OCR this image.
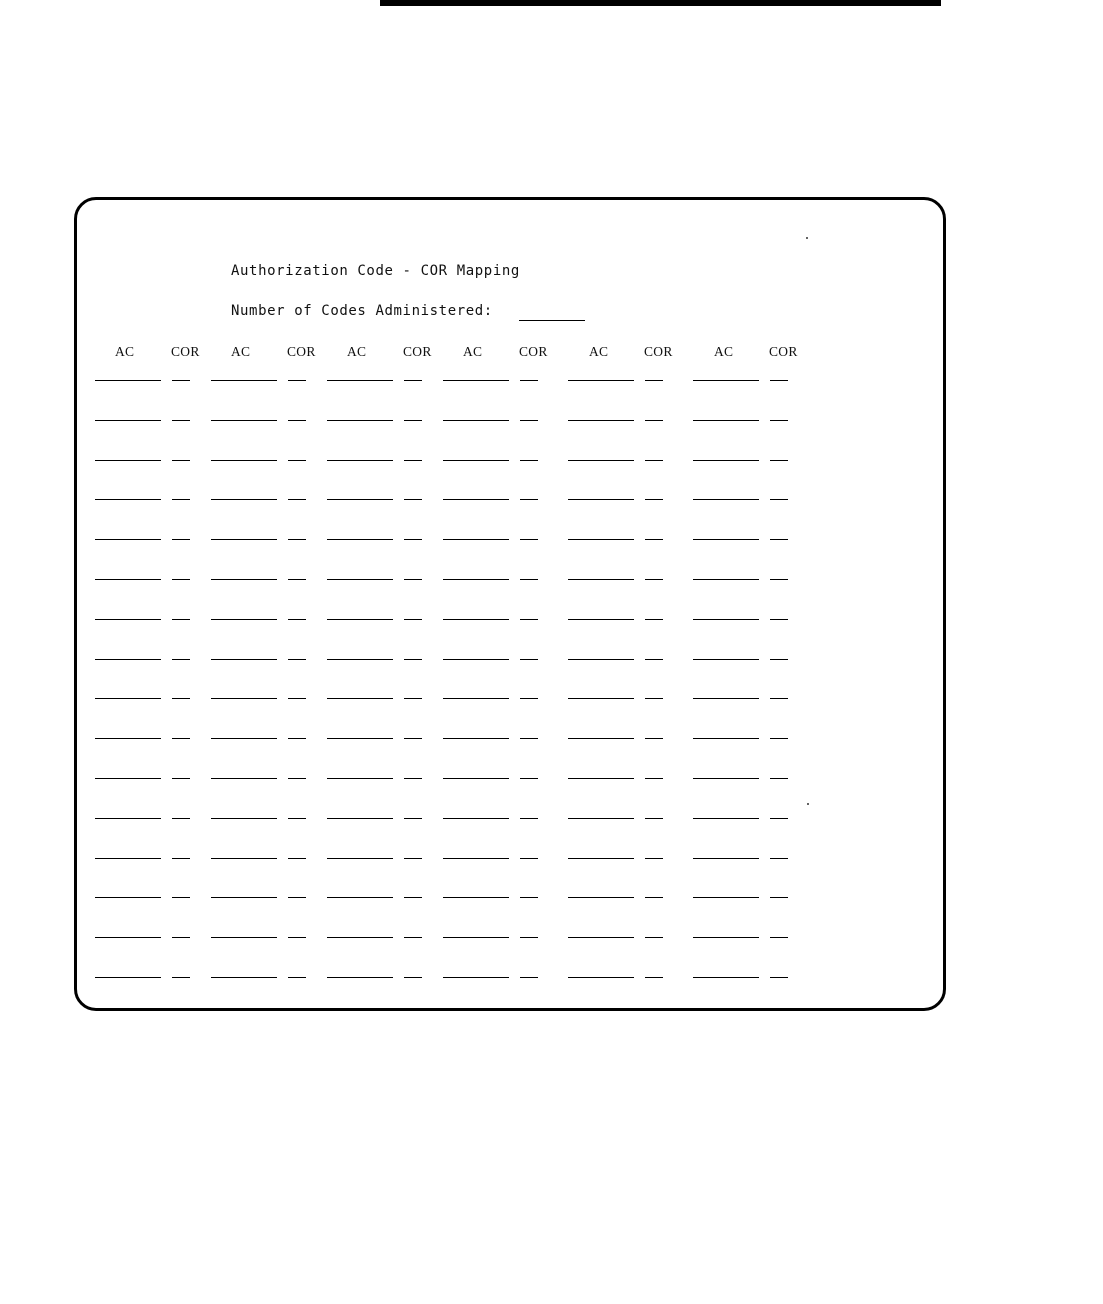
Authorization Code - COR Mapping
Number of Codes Administered:
AC	COR AC	COR AC	COR AC	COR	AC	COR	AC	COR
